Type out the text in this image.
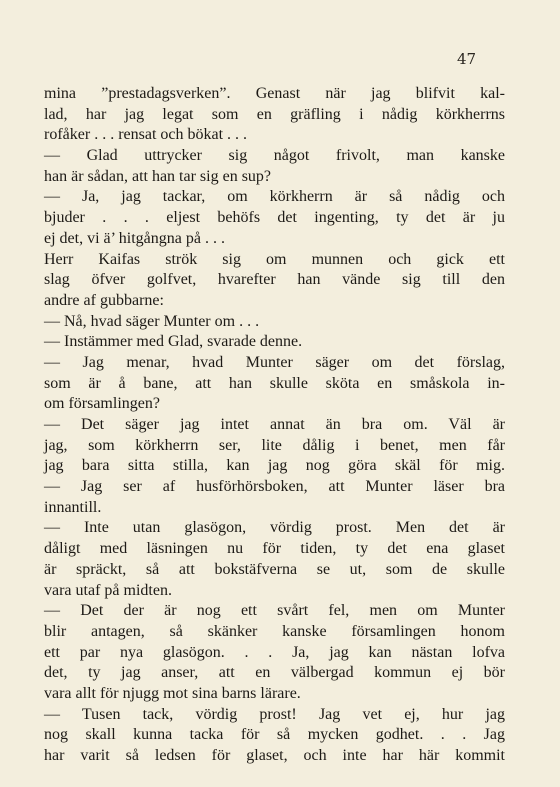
47
mina ”prestadagsverken”. Genast när jag blifvit kal-
lad, har jag legat som en gräfling i nådig körkherrns
rofåker . . . rensat och bökat . . .
— Glad uttrycker sig något frivolt, man kanske
han är sådan, att han tar sig en sup?
— Ja, jag tackar, om körkherrn är så nådig och
bjuder . . . eljest behöfs det ingenting, ty det är ju
ej det, vi ä’ hitgångna på . . .
Herr Kaifas strök sig om munnen och gick ett
slag öfver golfvet, hvarefter han vände sig till den
andre af gubbarne:
— Nå, hvad säger Munter om . . .
— Instämmer med Glad, svarade denne.
— Jag menar, hvad Munter säger om det förslag,
som är å bane, att han skulle sköta en småskola in-
om församlingen?
— Det säger jag intet annat än bra om. Väl är
jag, som körkherrn ser, lite dålig i benet, men får
jag bara sitta stilla, kan jag nog göra skäl för mig.
— Jag ser af husförhörsboken, att Munter läser bra
innantill.
— Inte utan glasögon, vördig prost. Men det är
dåligt med läsningen nu för tiden, ty det ena glaset
är spräckt, så att bokstäfverna se ut, som de skulle
vara utaf på midten.
— Det der är nog ett svårt fel, men om Munter
blir antagen, så skänker kanske församlingen honom
ett par nya glasögon. . . Ja, jag kan nästan lofva
det, ty jag anser, att en välbergad kommun ej bör
vara allt för njugg mot sina barns lärare.
— Tusen tack, vördig prost! Jag vet ej, hur jag
nog skall kunna tacka för så mycken godhet. . . Jag
har varit så ledsen för glaset, och inte har här kommit
